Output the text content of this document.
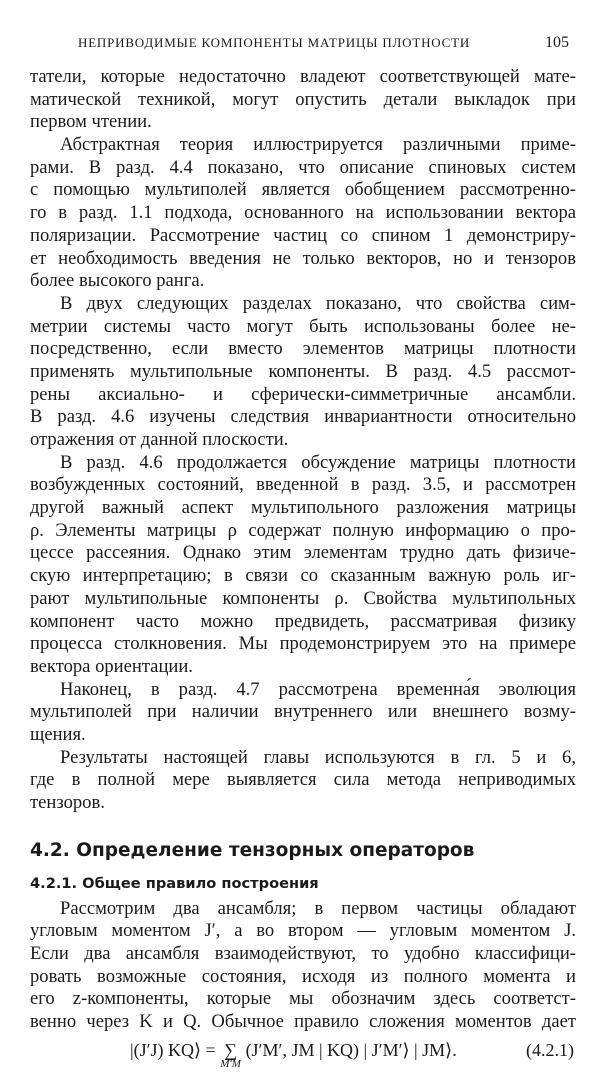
НЕПРИВОДИМЫЕ КОМПОНЕНТЫ МАТРИЦЫ ПЛОТНОСТИ	105
татели, которые недостаточно владеют соответствующей мате-
матической техникой, могут опустить детали выкладок при
первом чтении.
Абстрактная теория иллюстрируется различными приме-
рами. В разд. 4.4 показано, что описание спиновых систем
с помощью мультиполей является обобщением рассмотренно-
го в разд. 1.1 подхода, основанного на использовании вектора
поляризации. Рассмотрение частиц со спином 1 демонстриру-
ет необходимость введения не только векторов, но и тензоров
более высокого ранга.
В двух следующих разделах показано, что свойства сим-
метрии системы часто могут быть использованы более не-
посредственно, если вместо элементов матрицы плотности
применять мультипольные компоненты. В разд. 4.5 рассмот-
рены аксиально- и сферически-симметричные ансамбли.
В разд. 4.6 изучены следствия инвариантности относительно
отражения от данной плоскости.
В разд. 4.6 продолжается обсуждение матрицы плотности
возбужденных состояний, введенной в разд. 3.5, и рассмотрен
другой важный аспект мультипольного разложения матрицы
ρ. Элементы матрицы ρ содержат полную информацию о про-
цессе рассеяния. Однако этим элементам трудно дать физиче-
скую интерпретацию; в связи со сказанным важную роль иг-
рают мультипольные компоненты ρ. Свойства мультипольных
компонент часто можно предвидеть, рассматривая физику
процесса столкновения. Мы продемонстрируем это на примере
вектора ориентации.
Наконец, в разд. 4.7 рассмотрена временна́я эволюция
мультиполей при наличии внутреннего или внешнего возму-
щения.
Результаты настоящей главы используются в гл. 5 и 6,
где в полной мере выявляется сила метода неприводимых
тензоров.
4.2. Определение тензорных операторов
4.2.1. Общее правило построения
Рассмотрим два ансамбля; в первом частицы обладают
угловым моментом J′, а во втором — угловым моментом J.
Если два ансамбля взаимодействуют, то удобно классифици-
ровать возможные состояния, исходя из полного момента и
его z-компоненты, которые мы обозначим здесь соответст-
венно через K и Q. Обычное правило сложения моментов дает
|(J′J) KQ⟩ = ∑
M′M
(J′M′, JM | KQ) | J′M′⟩ | JM⟩.	(4.2.1)
